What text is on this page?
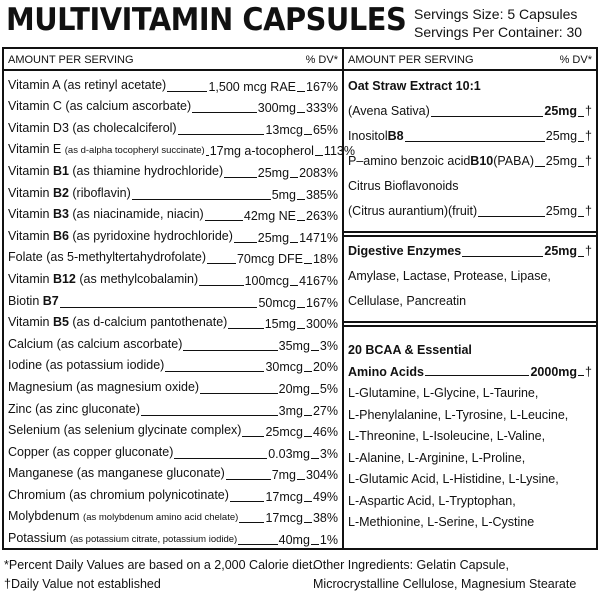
MULTIVITAMIN CAPSULES Servings Size: 5 Capsules
Servings Per Container: 30
AMOUNT PER SERVING	% DV*
Vitamin A (as retinyl acetate)	1,500 mcg RAE 167%
Vitamin C (as calcium ascorbate)	300mg 333%
Vitamin D3 (as cholecalciferol)	13mcg 65%
Vitamin E (as d-alpha tocopheryl succinate) 17mg a-tocopherol 113%
Vitamin B1 (as thiamine hydrochloride)	25mg 2083%
Vitamin B2 (riboflavin)	5mg 385%
Vitamin B3 (as niacinamide, niacin)	42mg NE 263%
Vitamin B6 (as pyridoxine hydrochloride) 25mg 1471%
Folate (as 5-methyltertahydrofolate) 70mcg DFE 18%
Vitamin B12 (as methylcobalamin)	100mcg 4167%
Biotin B7	50mcg 167%
Vitamin B5 (as d-calcium pantothenate)	15mg 300%
Calcium (as calcium ascorbate)	35mg 3%
Iodine (as potassium iodide)	30mcg 20%
Magnesium (as magnesium oxide)	20mg 5%
Zinc (as zinc gluconate)	3mg 27%
Selenium (as selenium glycinate complex) 25mcg 46%
Copper (as copper gluconate)	0.03mg 3%
Manganese (as manganese gluconate)	7mg 304%
Chromium (as chromium polynicotinate)	17mcg 49%
Molybdenum (as molybdenum amino acid chelate) 17mcg 38%
Potassium (as potassium citrate, potassium iodide)	40mg 1%
AMOUNT PER SERVING	% DV*
Oat Straw Extract 10:1
(Avena Sativa)	25mg †
Inositol B8	25mg †
P–amino benzoic acid B10 (PABA) 25mg †
Citrus Bioflavonoids
(Citrus aurantium)(fruit)	25mg †
Digestive Enzymes	25mg †
Amylase, Lactase, Protease, Lipase,
Cellulase, Pancreatin
20 BCAA & Essential
Amino Acids	2000mg †
L-Glutamine, L-Glycine, L-Taurine,
L-Phenylalanine, L-Tyrosine, L-Leucine,
L-Threonine, L-Isoleucine, L-Valine,
L-Alanine, L-Arginine, L-Proline,
L-Glutamic Acid, L-Histidine, L-Lysine,
L-Aspartic Acid, L-Tryptophan,
L-Methionine, L-Serine, L-Cystine
*Percent Daily Values are based on a 2,000 Calorie diet.
†Daily Value not established
Other Ingredients: Gelatin Capsule, Microcrystalline Cellulose, Magnesium Stearate
